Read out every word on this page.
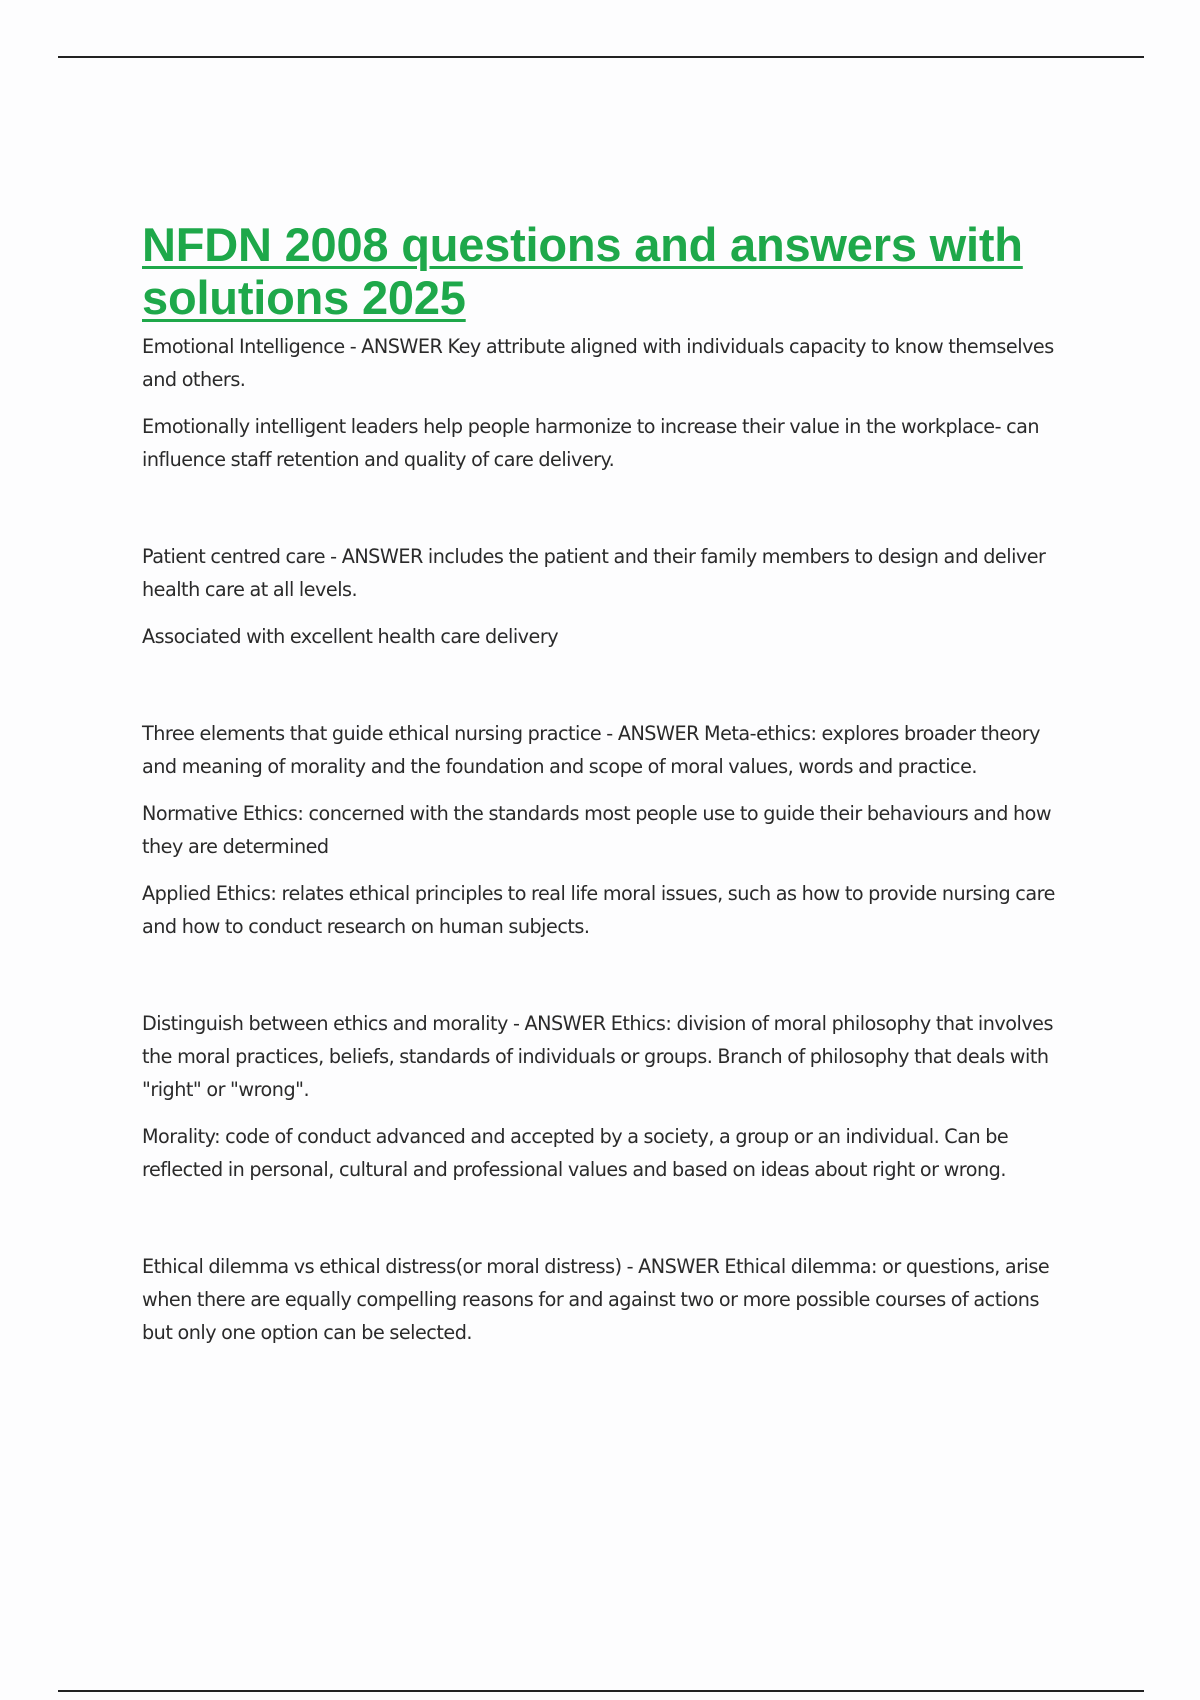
NFDN 2008 questions and answers with solutions 2025

Emotional Intelligence - ANSWER Key attribute aligned with individuals capacity to know themselves and others.

Emotionally intelligent leaders help people harmonize to increase their value in the workplace- can influence staff retention and quality of care delivery.

Patient centred care - ANSWER includes the patient and their family members to design and deliver health care at all levels.

Associated with excellent health care delivery

Three elements that guide ethical nursing practice - ANSWER Meta-ethics: explores broader theory and meaning of morality and the foundation and scope of moral values, words and practice.

Normative Ethics: concerned with the standards most people use to guide their behaviours and how they are determined

Applied Ethics: relates ethical principles to real life moral issues, such as how to provide nursing care and how to conduct research on human subjects.

Distinguish between ethics and morality - ANSWER Ethics: division of moral philosophy that involves the moral practices, beliefs, standards of individuals or groups. Branch of philosophy that deals with "right" or "wrong".

Morality: code of conduct advanced and accepted by a society, a group or an individual. Can be reflected in personal, cultural and professional values and based on ideas about right or wrong.

Ethical dilemma vs ethical distress(or moral distress) - ANSWER Ethical dilemma: or questions, arise when there are equally compelling reasons for and against two or more possible courses of actions but only one option can be selected.
